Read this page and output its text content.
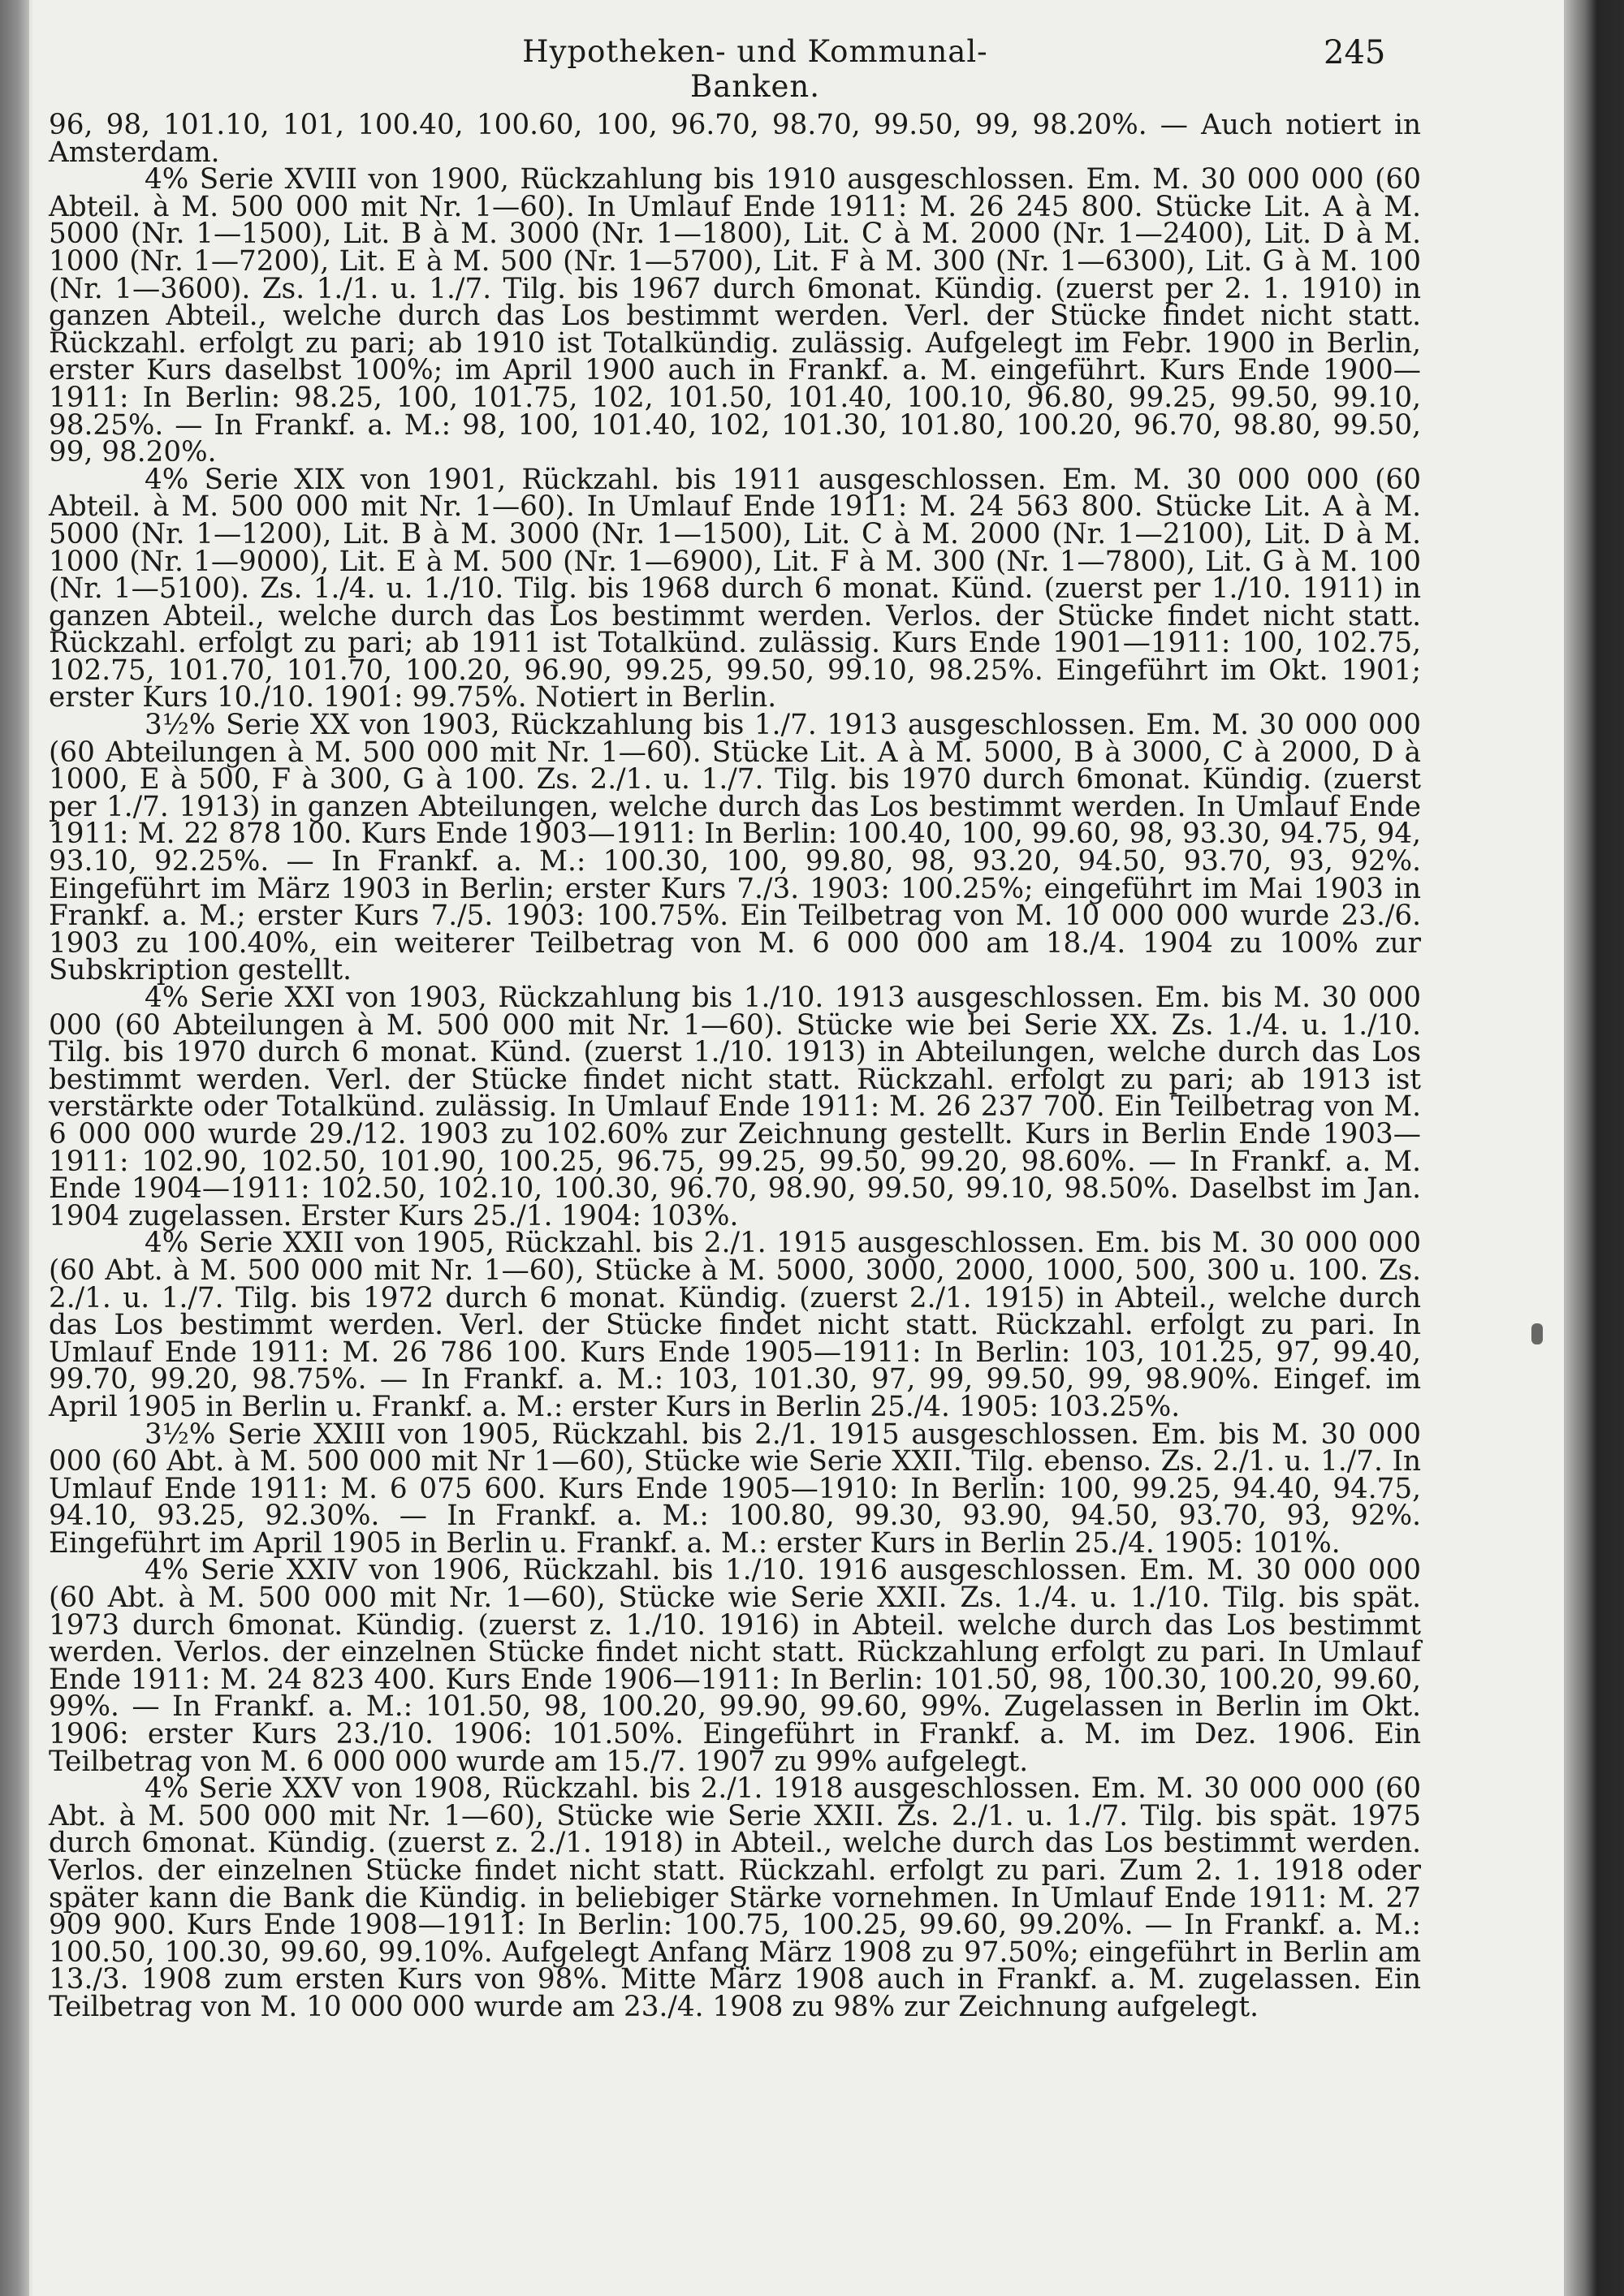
Hypotheken- und Kommunal-Banken.
245

96, 98, 101.10, 101, 100.40, 100.60, 100, 96.70, 98.70, 99.50, 99, 98.20%. — Auch notiert in Amsterdam.

4% Serie XVIII von 1900, Rückzahlung bis 1910 ausgeschlossen. Em. M. 30 000 000 (60 Abteil. à M. 500 000 mit Nr. 1—60). In Umlauf Ende 1911: M. 26 245 800. Stücke Lit. A à M. 5000 (Nr. 1—1500), Lit. B à M. 3000 (Nr. 1—1800), Lit. C à M. 2000 (Nr. 1—2400), Lit. D à M. 1000 (Nr. 1—7200), Lit. E à M. 500 (Nr. 1—5700), Lit. F à M. 300 (Nr. 1—6300), Lit. G à M. 100 (Nr. 1—3600). Zs. 1./1. u. 1./7. Tilg. bis 1967 durch 6monat. Kündig. (zuerst per 2. 1. 1910) in ganzen Abteil., welche durch das Los bestimmt werden. Verl. der Stücke findet nicht statt. Rückzahl. erfolgt zu pari; ab 1910 ist Totalkündig. zulässig. Aufgelegt im Febr. 1900 in Berlin, erster Kurs daselbst 100%; im April 1900 auch in Frankf. a. M. eingeführt. Kurs Ende 1900—1911: In Berlin: 98.25, 100, 101.75, 102, 101.50, 101.40, 100.10, 96.80, 99.25, 99.50, 99.10, 98.25%. — In Frankf. a. M.: 98, 100, 101.40, 102, 101.30, 101.80, 100.20, 96.70, 98.80, 99.50, 99, 98.20%.

4% Serie XIX von 1901, Rückzahl. bis 1911 ausgeschlossen. Em. M. 30 000 000 (60 Abteil. à M. 500 000 mit Nr. 1—60). In Umlauf Ende 1911: M. 24 563 800. Stücke Lit. A à M. 5000 (Nr. 1—1200), Lit. B à M. 3000 (Nr. 1—1500), Lit. C à M. 2000 (Nr. 1—2100), Lit. D à M. 1000 (Nr. 1—9000), Lit. E à M. 500 (Nr. 1—6900), Lit. F à M. 300 (Nr. 1—7800), Lit. G à M. 100 (Nr. 1—5100). Zs. 1./4. u. 1./10. Tilg. bis 1968 durch 6 monat. Künd. (zuerst per 1./10. 1911) in ganzen Abteil., welche durch das Los bestimmt werden. Verlos. der Stücke findet nicht statt. Rückzahl. erfolgt zu pari; ab 1911 ist Totalkünd. zulässig. Kurs Ende 1901—1911: 100, 102.75, 102.75, 101.70, 101.70, 100.20, 96.90, 99.25, 99.50, 99.10, 98.25%. Eingeführt im Okt. 1901; erster Kurs 10./10. 1901: 99.75%. Notiert in Berlin.

3½% Serie XX von 1903, Rückzahlung bis 1./7. 1913 ausgeschlossen. Em. M. 30 000 000 (60 Abteilungen à M. 500 000 mit Nr. 1—60). Stücke Lit. A à M. 5000, B à 3000, C à 2000, D à 1000, E à 500, F à 300, G à 100. Zs. 2./1. u. 1./7. Tilg. bis 1970 durch 6monat. Kündig. (zuerst per 1./7. 1913) in ganzen Abteilungen, welche durch das Los bestimmt werden. In Umlauf Ende 1911: M. 22 878 100. Kurs Ende 1903—1911: In Berlin: 100.40, 100, 99.60, 98, 93.30, 94.75, 94, 93.10, 92.25%. — In Frankf. a. M.: 100.30, 100, 99.80, 98, 93.20, 94.50, 93.70, 93, 92%. Eingeführt im März 1903 in Berlin; erster Kurs 7./3. 1903: 100.25%; eingeführt im Mai 1903 in Frankf. a. M.; erster Kurs 7./5. 1903: 100.75%. Ein Teilbetrag von M. 10 000 000 wurde 23./6. 1903 zu 100.40%, ein weiterer Teilbetrag von M. 6 000 000 am 18./4. 1904 zu 100% zur Subskription gestellt.

4% Serie XXI von 1903, Rückzahlung bis 1./10. 1913 ausgeschlossen. Em. bis M. 30 000 000 (60 Abteilungen à M. 500 000 mit Nr. 1—60). Stücke wie bei Serie XX. Zs. 1./4. u. 1./10. Tilg. bis 1970 durch 6 monat. Künd. (zuerst 1./10. 1913) in Abteilungen, welche durch das Los bestimmt werden. Verl. der Stücke findet nicht statt. Rückzahl. erfolgt zu pari; ab 1913 ist verstärkte oder Totalkünd. zulässig. In Umlauf Ende 1911: M. 26 237 700. Ein Teilbetrag von M. 6 000 000 wurde 29./12. 1903 zu 102.60% zur Zeichnung gestellt. Kurs in Berlin Ende 1903—1911: 102.90, 102.50, 101.90, 100.25, 96.75, 99.25, 99.50, 99.20, 98.60%. — In Frankf. a. M. Ende 1904—1911: 102.50, 102.10, 100.30, 96.70, 98.90, 99.50, 99.10, 98.50%. Daselbst im Jan. 1904 zugelassen. Erster Kurs 25./1. 1904: 103%.

4% Serie XXII von 1905, Rückzahl. bis 2./1. 1915 ausgeschlossen. Em. bis M. 30 000 000 (60 Abt. à M. 500 000 mit Nr. 1—60), Stücke à M. 5000, 3000, 2000, 1000, 500, 300 u. 100. Zs. 2./1. u. 1./7. Tilg. bis 1972 durch 6 monat. Kündig. (zuerst 2./1. 1915) in Abteil., welche durch das Los bestimmt werden. Verl. der Stücke findet nicht statt. Rückzahl. erfolgt zu pari. In Umlauf Ende 1911: M. 26 786 100. Kurs Ende 1905—1911: In Berlin: 103, 101.25, 97, 99.40, 99.70, 99.20, 98.75%. — In Frankf. a. M.: 103, 101.30, 97, 99, 99.50, 99, 98.90%. Eingef. im April 1905 in Berlin u. Frankf. a. M.: erster Kurs in Berlin 25./4. 1905: 103.25%.

3½% Serie XXIII von 1905, Rückzahl. bis 2./1. 1915 ausgeschlossen. Em. bis M. 30 000 000 (60 Abt. à M. 500 000 mit Nr 1—60), Stücke wie Serie XXII. Tilg. ebenso. Zs. 2./1. u. 1./7. In Umlauf Ende 1911: M. 6 075 600. Kurs Ende 1905—1910: In Berlin: 100, 99.25, 94.40, 94.75, 94.10, 93.25, 92.30%. — In Frankf. a. M.: 100.80, 99.30, 93.90, 94.50, 93.70, 93, 92%. Eingeführt im April 1905 in Berlin u. Frankf. a. M.: erster Kurs in Berlin 25./4. 1905: 101%.

4% Serie XXIV von 1906, Rückzahl. bis 1./10. 1916 ausgeschlossen. Em. M. 30 000 000 (60 Abt. à M. 500 000 mit Nr. 1—60), Stücke wie Serie XXII. Zs. 1./4. u. 1./10. Tilg. bis spät. 1973 durch 6monat. Kündig. (zuerst z. 1./10. 1916) in Abteil. welche durch das Los bestimmt werden. Verlos. der einzelnen Stücke findet nicht statt. Rückzahlung erfolgt zu pari. In Umlauf Ende 1911: M. 24 823 400. Kurs Ende 1906—1911: In Berlin: 101.50, 98, 100.30, 100.20, 99.60, 99%. — In Frankf. a. M.: 101.50, 98, 100.20, 99.90, 99.60, 99%. Zugelassen in Berlin im Okt. 1906: erster Kurs 23./10. 1906: 101.50%. Eingeführt in Frankf. a. M. im Dez. 1906. Ein Teilbetrag von M. 6 000 000 wurde am 15./7. 1907 zu 99% aufgelegt.

4% Serie XXV von 1908, Rückzahl. bis 2./1. 1918 ausgeschlossen. Em. M. 30 000 000 (60 Abt. à M. 500 000 mit Nr. 1—60), Stücke wie Serie XXII. Zs. 2./1. u. 1./7. Tilg. bis spät. 1975 durch 6monat. Kündig. (zuerst z. 2./1. 1918) in Abteil., welche durch das Los bestimmt werden. Verlos. der einzelnen Stücke findet nicht statt. Rückzahl. erfolgt zu pari. Zum 2. 1. 1918 oder später kann die Bank die Kündig. in beliebiger Stärke vornehmen. In Umlauf Ende 1911: M. 27 909 900. Kurs Ende 1908—1911: In Berlin: 100.75, 100.25, 99.60, 99.20%. — In Frankf. a. M.: 100.50, 100.30, 99.60, 99.10%. Aufgelegt Anfang März 1908 zu 97.50%; eingeführt in Berlin am 13./3. 1908 zum ersten Kurs von 98%. Mitte März 1908 auch in Frankf. a. M. zugelassen. Ein Teilbetrag von M. 10 000 000 wurde am 23./4. 1908 zu 98% zur Zeichnung aufgelegt.
